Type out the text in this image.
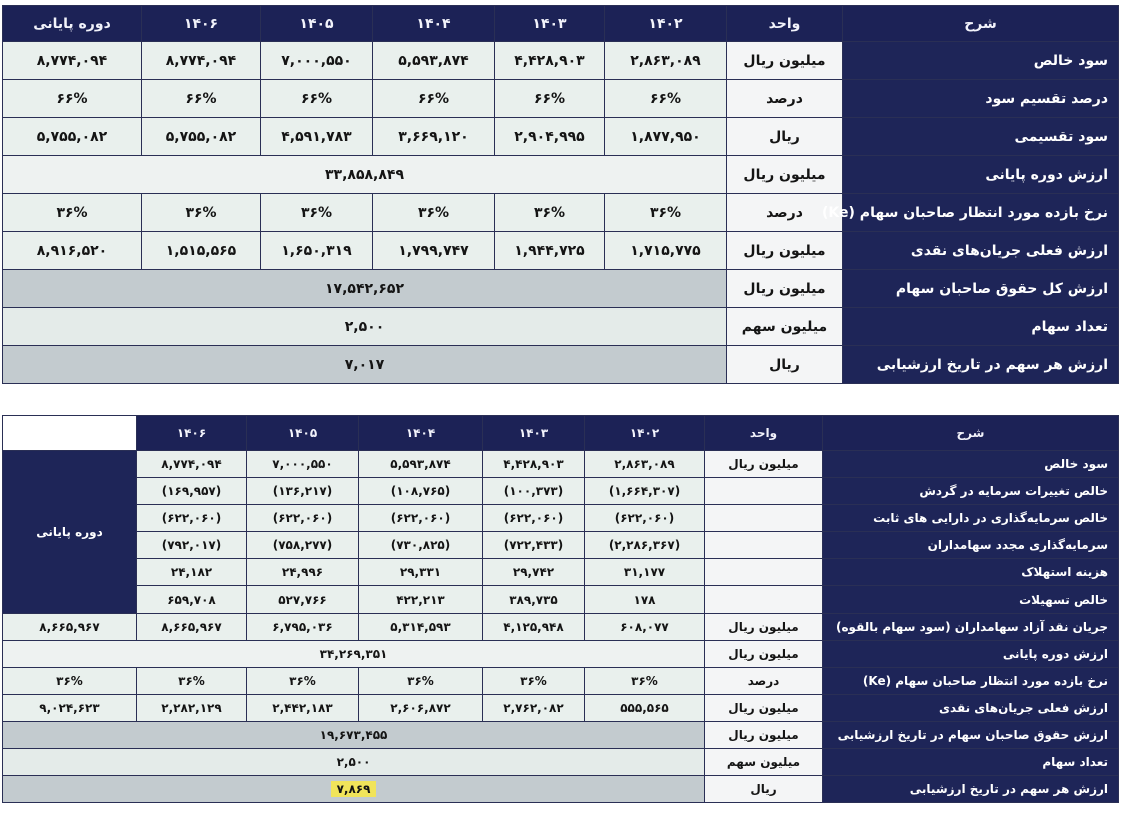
شرح	واحد	۱۴۰۲	۱۴۰۳	۱۴۰۴	۱۴۰۵	۱۴۰۶	دوره پایانی
سود خالص	میلیون ریال	۲,۸۶۳,۰۸۹	۴,۴۲۸,۹۰۳	۵,۵۹۳,۸۷۴	۷,۰۰۰,۵۵۰	۸,۷۷۴,۰۹۴	۸,۷۷۴,۰۹۴
درصد تقسیم سود	درصد	۶۶%	۶۶%	۶۶%	۶۶%	۶۶%	۶۶%
سود تقسیمی	ریال	۱,۸۷۷,۹۵۰	۲,۹۰۴,۹۹۵	۳,۶۶۹,۱۲۰	۴,۵۹۱,۷۸۳	۵,۷۵۵,۰۸۲	۵,۷۵۵,۰۸۲
ارزش دوره پایانی	میلیون ریال	۳۳,۸۵۸,۸۴۹					
نرخ بازده مورد انتظار صاحبان سهام (Ke)	درصد	۳۶%	۳۶%	۳۶%	۳۶%	۳۶%	۳۶%
ارزش فعلی جریان‌های نقدی	میلیون ریال	۱,۷۱۵,۷۷۵	۱,۹۴۴,۷۲۵	۱,۷۹۹,۷۴۷	۱,۶۵۰,۳۱۹	۱,۵۱۵,۵۶۵	۸,۹۱۶,۵۲۰
ارزش کل حقوق صاحبان سهام	میلیون ریال	۱۷,۵۴۲,۶۵۲					
تعداد سهام	میلیون سهم	۲,۵۰۰					
ارزش هر سهم در تاریخ ارزشیابی	ریال	۷,۰۱۷					
شرح	واحد	۱۴۰۲	۱۴۰۳	۱۴۰۴	۱۴۰۵	۱۴۰۶	
سود خالص	میلیون ریال	۲,۸۶۳,۰۸۹	۴,۴۲۸,۹۰۳	۵,۵۹۳,۸۷۴	۷,۰۰۰,۵۵۰	۸,۷۷۴,۰۹۴	دوره پایانی
خالص تغییرات سرمایه در گردش		(۱,۶۶۴,۳۰۷)	(۱۰۰,۳۷۳)	(۱۰۸,۷۶۵)	(۱۳۶,۲۱۷)	(۱۶۹,۹۵۷)	
خالص سرمایه‌گذاری در دارایی های ثابت		(۶۲۲,۰۶۰)	(۶۲۲,۰۶۰)	(۶۲۲,۰۶۰)	(۶۲۲,۰۶۰)	(۶۲۲,۰۶۰)	
سرمایه‌گذاری مجدد سهامداران		(۲,۲۸۶,۳۶۷)	(۷۲۲,۴۳۳)	(۷۳۰,۸۲۵)	(۷۵۸,۲۷۷)	(۷۹۲,۰۱۷)	
هزینه استهلاک		۳۱,۱۷۷	۲۹,۷۴۲	۲۹,۳۳۱	۲۴,۹۹۶	۲۴,۱۸۲	
خالص تسهیلات		۱۷۸	۳۸۹,۷۳۵	۴۲۲,۲۱۳	۵۲۷,۷۶۶	۶۵۹,۷۰۸	
جریان نقد آزاد سهامداران (سود سهام بالقوه)	میلیون ریال	۶۰۸,۰۷۷	۴,۱۲۵,۹۴۸	۵,۳۱۴,۵۹۳	۶,۷۹۵,۰۳۶	۸,۶۶۵,۹۶۷	۸,۶۶۵,۹۶۷
ارزش دوره پایانی	میلیون ریال	۳۴,۲۶۹,۳۵۱					
نرخ بازده مورد انتظار صاحبان سهام (Ke)	درصد	۳۶%	۳۶%	۳۶%	۳۶%	۳۶%	۳۶%
ارزش فعلی جریان‌های نقدی	میلیون ریال	۵۵۵,۵۶۵	۲,۷۶۲,۰۸۲	۲,۶۰۶,۸۷۲	۲,۴۴۲,۱۸۳	۲,۲۸۲,۱۲۹	۹,۰۲۴,۶۲۳
ارزش حقوق صاحبان سهام در تاریخ ارزشیابی	میلیون ریال	۱۹,۶۷۳,۴۵۵					
تعداد سهام	میلیون سهم	۲,۵۰۰					
ارزش هر سهم در تاریخ ارزشیابی	ریال	۷,۸۶۹					
